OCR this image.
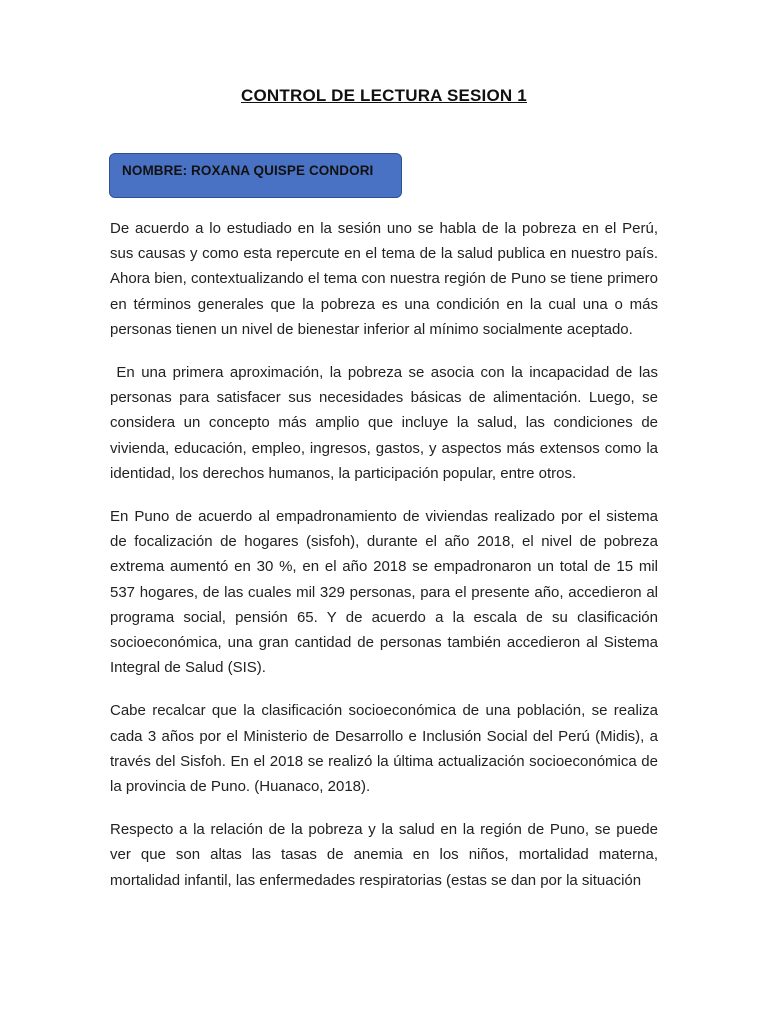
CONTROL DE LECTURA SESION 1
NOMBRE: ROXANA QUISPE CONDORI

De acuerdo a lo estudiado en la sesión uno se habla de la pobreza en el Perú, sus causas y como esta repercute en el tema de la salud publica en nuestro país. Ahora bien, contextualizando el tema con nuestra región de Puno se tiene primero en términos generales que la pobreza es una condición en la cual una o más personas tienen un nivel de bienestar inferior al mínimo socialmente aceptado.

En una primera aproximación, la pobreza se asocia con la incapacidad de las personas para satisfacer sus necesidades básicas de alimentación. Luego, se considera un concepto más amplio que incluye la salud, las condiciones de vivienda, educación, empleo, ingresos, gastos, y aspectos más extensos como la identidad, los derechos humanos, la participación popular, entre otros.

En Puno de acuerdo al empadronamiento de viviendas realizado por el sistema de focalización de hogares (sisfoh), durante el año 2018, el nivel de pobreza extrema aumentó en 30 %, en el año 2018 se empadronaron un total de 15 mil 537 hogares, de las cuales mil 329 personas, para el presente año, accedieron al programa social, pensión 65. Y de acuerdo a la escala de su clasificación socioeconómica, una gran cantidad de personas también accedieron al Sistema Integral de Salud (SIS).

Cabe recalcar que la clasificación socioeconómica de una población, se realiza cada 3 años por el Ministerio de Desarrollo e Inclusión Social del Perú (Midis), a través del Sisfoh. En el 2018 se realizó la última actualización socioeconómica de la provincia de Puno. (Huanaco, 2018).

Respecto a la relación de la pobreza y la salud en la región de Puno, se puede ver que son altas las tasas de anemia en los niños, mortalidad materna, mortalidad infantil, las enfermedades respiratorias (estas se dan por la situación
